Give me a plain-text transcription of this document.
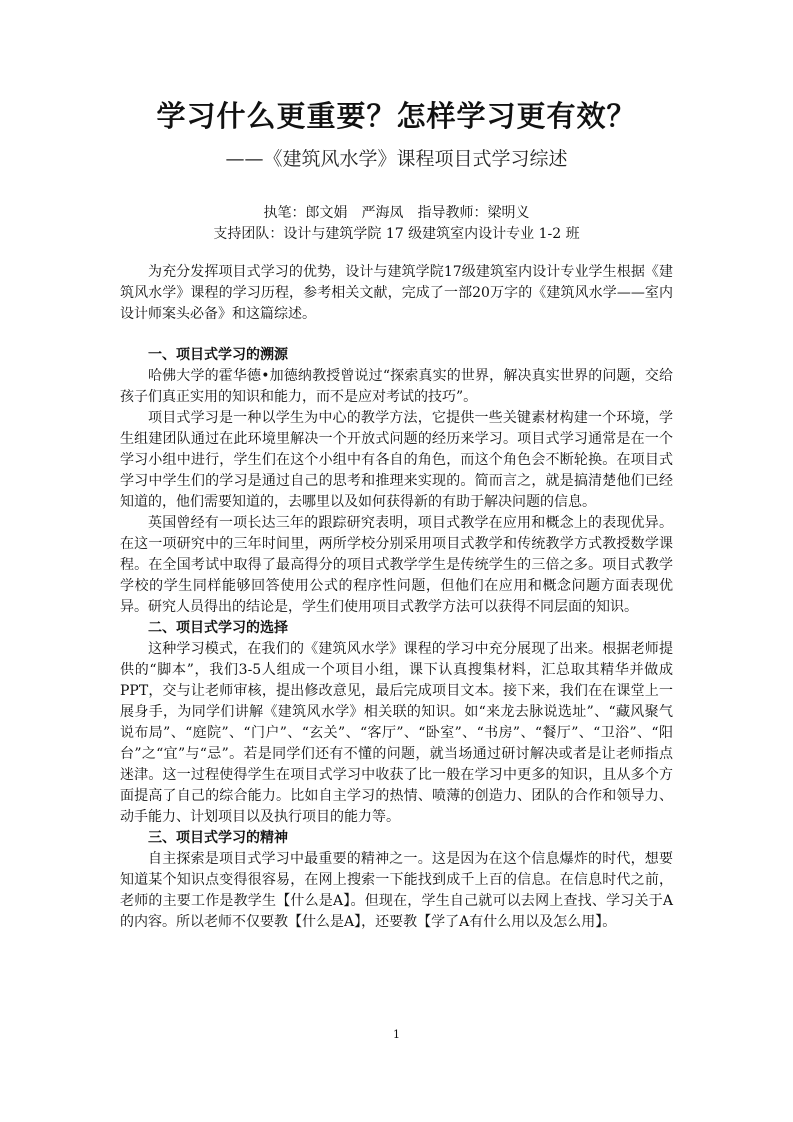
学习什么更重要？怎样学习更有效？
——《建筑风水学》课程项目式学习综述
执笔：郎文娟　严海凤　指导教师：梁明义
支持团队：设计与建筑学院 17 级建筑室内设计专业 1-2 班

为充分发挥项目式学习的优势，设计与建筑学院17级建筑室内设计专业学生根据《建筑风水学》课程的学习历程，参考相关文献，完成了一部20万字的《建筑风水学——室内设计师案头必备》和这篇综述。

一、项目式学习的溯源

哈佛大学的霍华德•加德纳教授曾说过“探索真实的世界，解决真实世界的问题，交给孩子们真正实用的知识和能力，而不是应对考试的技巧”。

项目式学习是一种以学生为中心的教学方法，它提供一些关键素材构建一个环境，学生组建团队通过在此环境里解决一个开放式问题的经历来学习。项目式学习通常是在一个学习小组中进行，学生们在这个小组中有各自的角色，而这个角色会不断轮换。在项目式学习中学生们的学习是通过自己的思考和推理来实现的。简而言之，就是搞清楚他们已经知道的，他们需要知道的，去哪里以及如何获得新的有助于解决问题的信息。

英国曾经有一项长达三年的跟踪研究表明，项目式教学在应用和概念上的表现优异。在这一项研究中的三年时间里，两所学校分别采用项目式教学和传统教学方式教授数学课程。在全国考试中取得了最高得分的项目式教学学生是传统学生的三倍之多。项目式教学学校的学生同样能够回答使用公式的程序性问题，但他们在应用和概念问题方面表现优异。研究人员得出的结论是，学生们使用项目式教学方法可以获得不同层面的知识。

二、项目式学习的选择

这种学习模式，在我们的《建筑风水学》课程的学习中充分展现了出来。根据老师提供的“脚本”，我们3-5人组成一个项目小组，课下认真搜集材料，汇总取其精华并做成PPT，交与让老师审核，提出修改意见，最后完成项目文本。接下来，我们在在课堂上一展身手，为同学们讲解《建筑风水学》相关联的知识。如“来龙去脉说选址”、“藏风聚气说布局”、“庭院”、“门户”、“玄关”、“客厅”、“卧室”、“书房”、“餐厅”、“卫浴”、“阳台”之“宜”与“忌”。若是同学们还有不懂的问题，就当场通过研讨解决或者是让老师指点迷津。这一过程使得学生在项目式学习中收获了比一般在学习中更多的知识，且从多个方面提高了自己的综合能力。比如自主学习的热情、喷薄的创造力、团队的合作和领导力、动手能力、计划项目以及执行项目的能力等。

三、项目式学习的精神

自主探索是项目式学习中最重要的精神之一。这是因为在这个信息爆炸的时代，想要知道某个知识点变得很容易，在网上搜索一下能找到成千上百的信息。在信息时代之前，老师的主要工作是教学生【什么是A】。但现在，学生自己就可以去网上查找、学习关于A的内容。所以老师不仅要教【什么是A】，还要教【学了A有什么用以及怎么用】。

1
